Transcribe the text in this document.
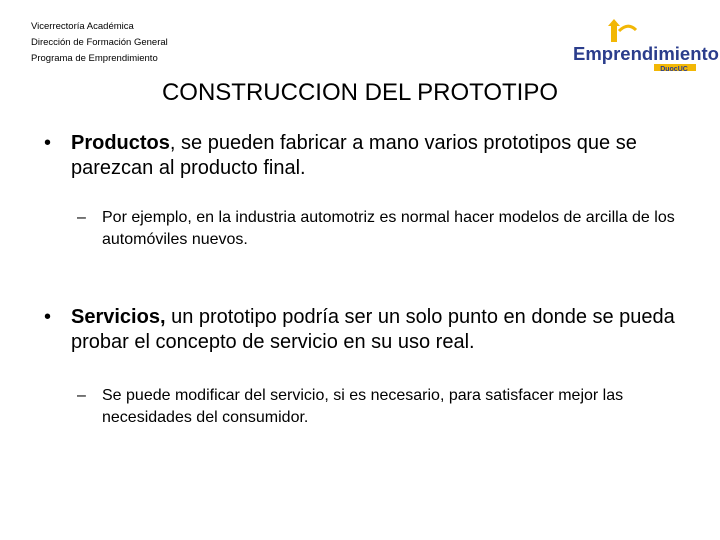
Vicerrectoría Académica
Dirección de Formación General
Programa de Emprendimiento	Emprendimiento
DuocUC
CONSTRUCCION DEL PROTOTIPO
• Productos, se pueden fabricar a mano varios prototipos que se parezcan al producto final.
– Por ejemplo, en la industria automotriz es normal hacer modelos de arcilla de los automóviles nuevos.
• Servicios, un prototipo podría ser un solo punto en donde se pueda probar el concepto de servicio en su uso real.
– Se puede modificar del servicio, si es necesario, para satisfacer mejor las necesidades del consumidor.
